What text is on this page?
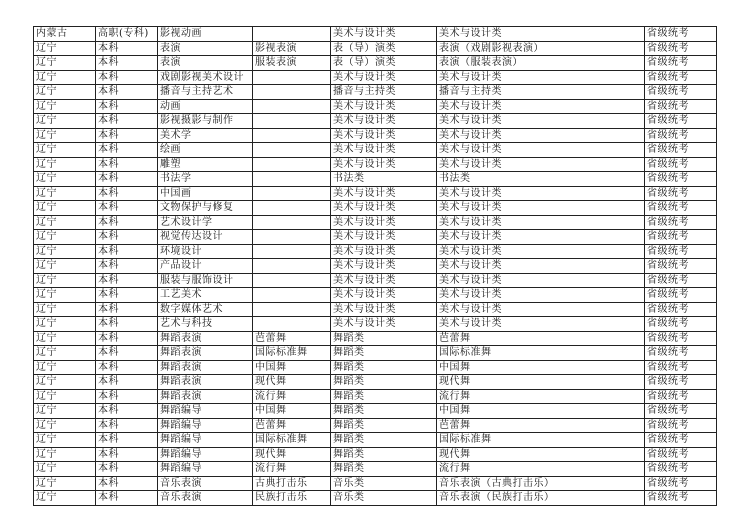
内蒙古	高职(专科)	影视动画		美术与设计类	美术与设计类	省级统考
辽宁	本科	表演	影视表演	表（导）演类	表演（戏剧影视表演）	省级统考
辽宁	本科	表演	服装表演	表（导）演类	表演（服装表演）	省级统考
辽宁	本科	戏剧影视美术设计		美术与设计类	美术与设计类	省级统考
辽宁	本科	播音与主持艺术		播音与主持类	播音与主持类	省级统考
辽宁	本科	动画		美术与设计类	美术与设计类	省级统考
辽宁	本科	影视摄影与制作		美术与设计类	美术与设计类	省级统考
辽宁	本科	美术学		美术与设计类	美术与设计类	省级统考
辽宁	本科	绘画		美术与设计类	美术与设计类	省级统考
辽宁	本科	雕塑		美术与设计类	美术与设计类	省级统考
辽宁	本科	书法学		书法类	书法类	省级统考
辽宁	本科	中国画		美术与设计类	美术与设计类	省级统考
辽宁	本科	文物保护与修复		美术与设计类	美术与设计类	省级统考
辽宁	本科	艺术设计学		美术与设计类	美术与设计类	省级统考
辽宁	本科	视觉传达设计		美术与设计类	美术与设计类	省级统考
辽宁	本科	环境设计		美术与设计类	美术与设计类	省级统考
辽宁	本科	产品设计		美术与设计类	美术与设计类	省级统考
辽宁	本科	服装与服饰设计		美术与设计类	美术与设计类	省级统考
辽宁	本科	工艺美术		美术与设计类	美术与设计类	省级统考
辽宁	本科	数字媒体艺术		美术与设计类	美术与设计类	省级统考
辽宁	本科	艺术与科技		美术与设计类	美术与设计类	省级统考
辽宁	本科	舞蹈表演	芭蕾舞	舞蹈类	芭蕾舞	省级统考
辽宁	本科	舞蹈表演	国际标准舞	舞蹈类	国际标准舞	省级统考
辽宁	本科	舞蹈表演	中国舞	舞蹈类	中国舞	省级统考
辽宁	本科	舞蹈表演	现代舞	舞蹈类	现代舞	省级统考
辽宁	本科	舞蹈表演	流行舞	舞蹈类	流行舞	省级统考
辽宁	本科	舞蹈编导	中国舞	舞蹈类	中国舞	省级统考
辽宁	本科	舞蹈编导	芭蕾舞	舞蹈类	芭蕾舞	省级统考
辽宁	本科	舞蹈编导	国际标准舞	舞蹈类	国际标准舞	省级统考
辽宁	本科	舞蹈编导	现代舞	舞蹈类	现代舞	省级统考
辽宁	本科	舞蹈编导	流行舞	舞蹈类	流行舞	省级统考
辽宁	本科	音乐表演	古典打击乐	音乐类	音乐表演（古典打击乐）	省级统考
辽宁	本科	音乐表演	民族打击乐	音乐类	音乐表演（民族打击乐）	省级统考
